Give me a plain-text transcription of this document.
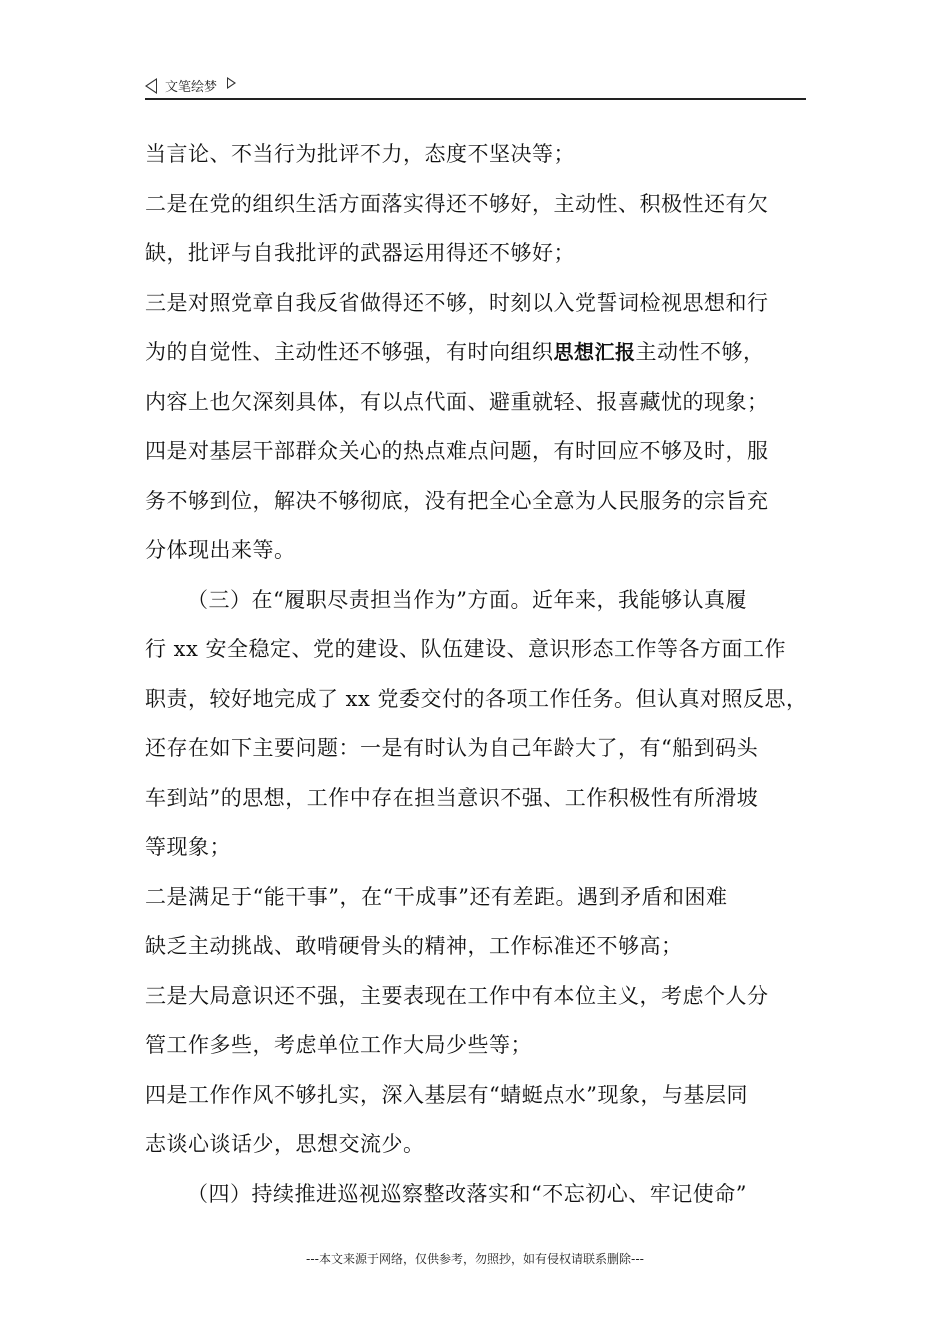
文笔绘梦
当言论、不当行为批评不力，态度不坚决等；
二是在党的组织生活方面落实得还不够好，主动性、积极性还有欠
缺，批评与自我批评的武器运用得还不够好；
三是对照党章自我反省做得还不够，时刻以入党誓词检视思想和行
为的自觉性、主动性还不够强，有时向组织思想汇报主动性不够，
内容上也欠深刻具体，有以点代面、避重就轻、报喜藏忧的现象；
四是对基层干部群众关心的热点难点问题，有时回应不够及时，服
务不够到位，解决不够彻底，没有把全心全意为人民服务的宗旨充
分体现出来等。
（三）在“履职尽责担当作为”方面。近年来，我能够认真履
行 xx 安全稳定、党的建设、队伍建设、意识形态工作等各方面工作
职责，较好地完成了 xx 党委交付的各项工作任务。但认真对照反思，
还存在如下主要问题：一是有时认为自己年龄大了，有“船到码头
车到站”的思想，工作中存在担当意识不强、工作积极性有所滑坡
等现象；
二是满足于“能干事”，在“干成事”还有差距。遇到矛盾和困难
缺乏主动挑战、敢啃硬骨头的精神，工作标准还不够高；
三是大局意识还不强，主要表现在工作中有本位主义，考虑个人分
管工作多些，考虑单位工作大局少些等；
四是工作作风不够扎实，深入基层有“蜻蜓点水”现象，与基层同
志谈心谈话少，思想交流少。
（四）持续推进巡视巡察整改落实和“不忘初心、牢记使命”
---本文来源于网络，仅供参考，勿照抄，如有侵权请联系删除---
